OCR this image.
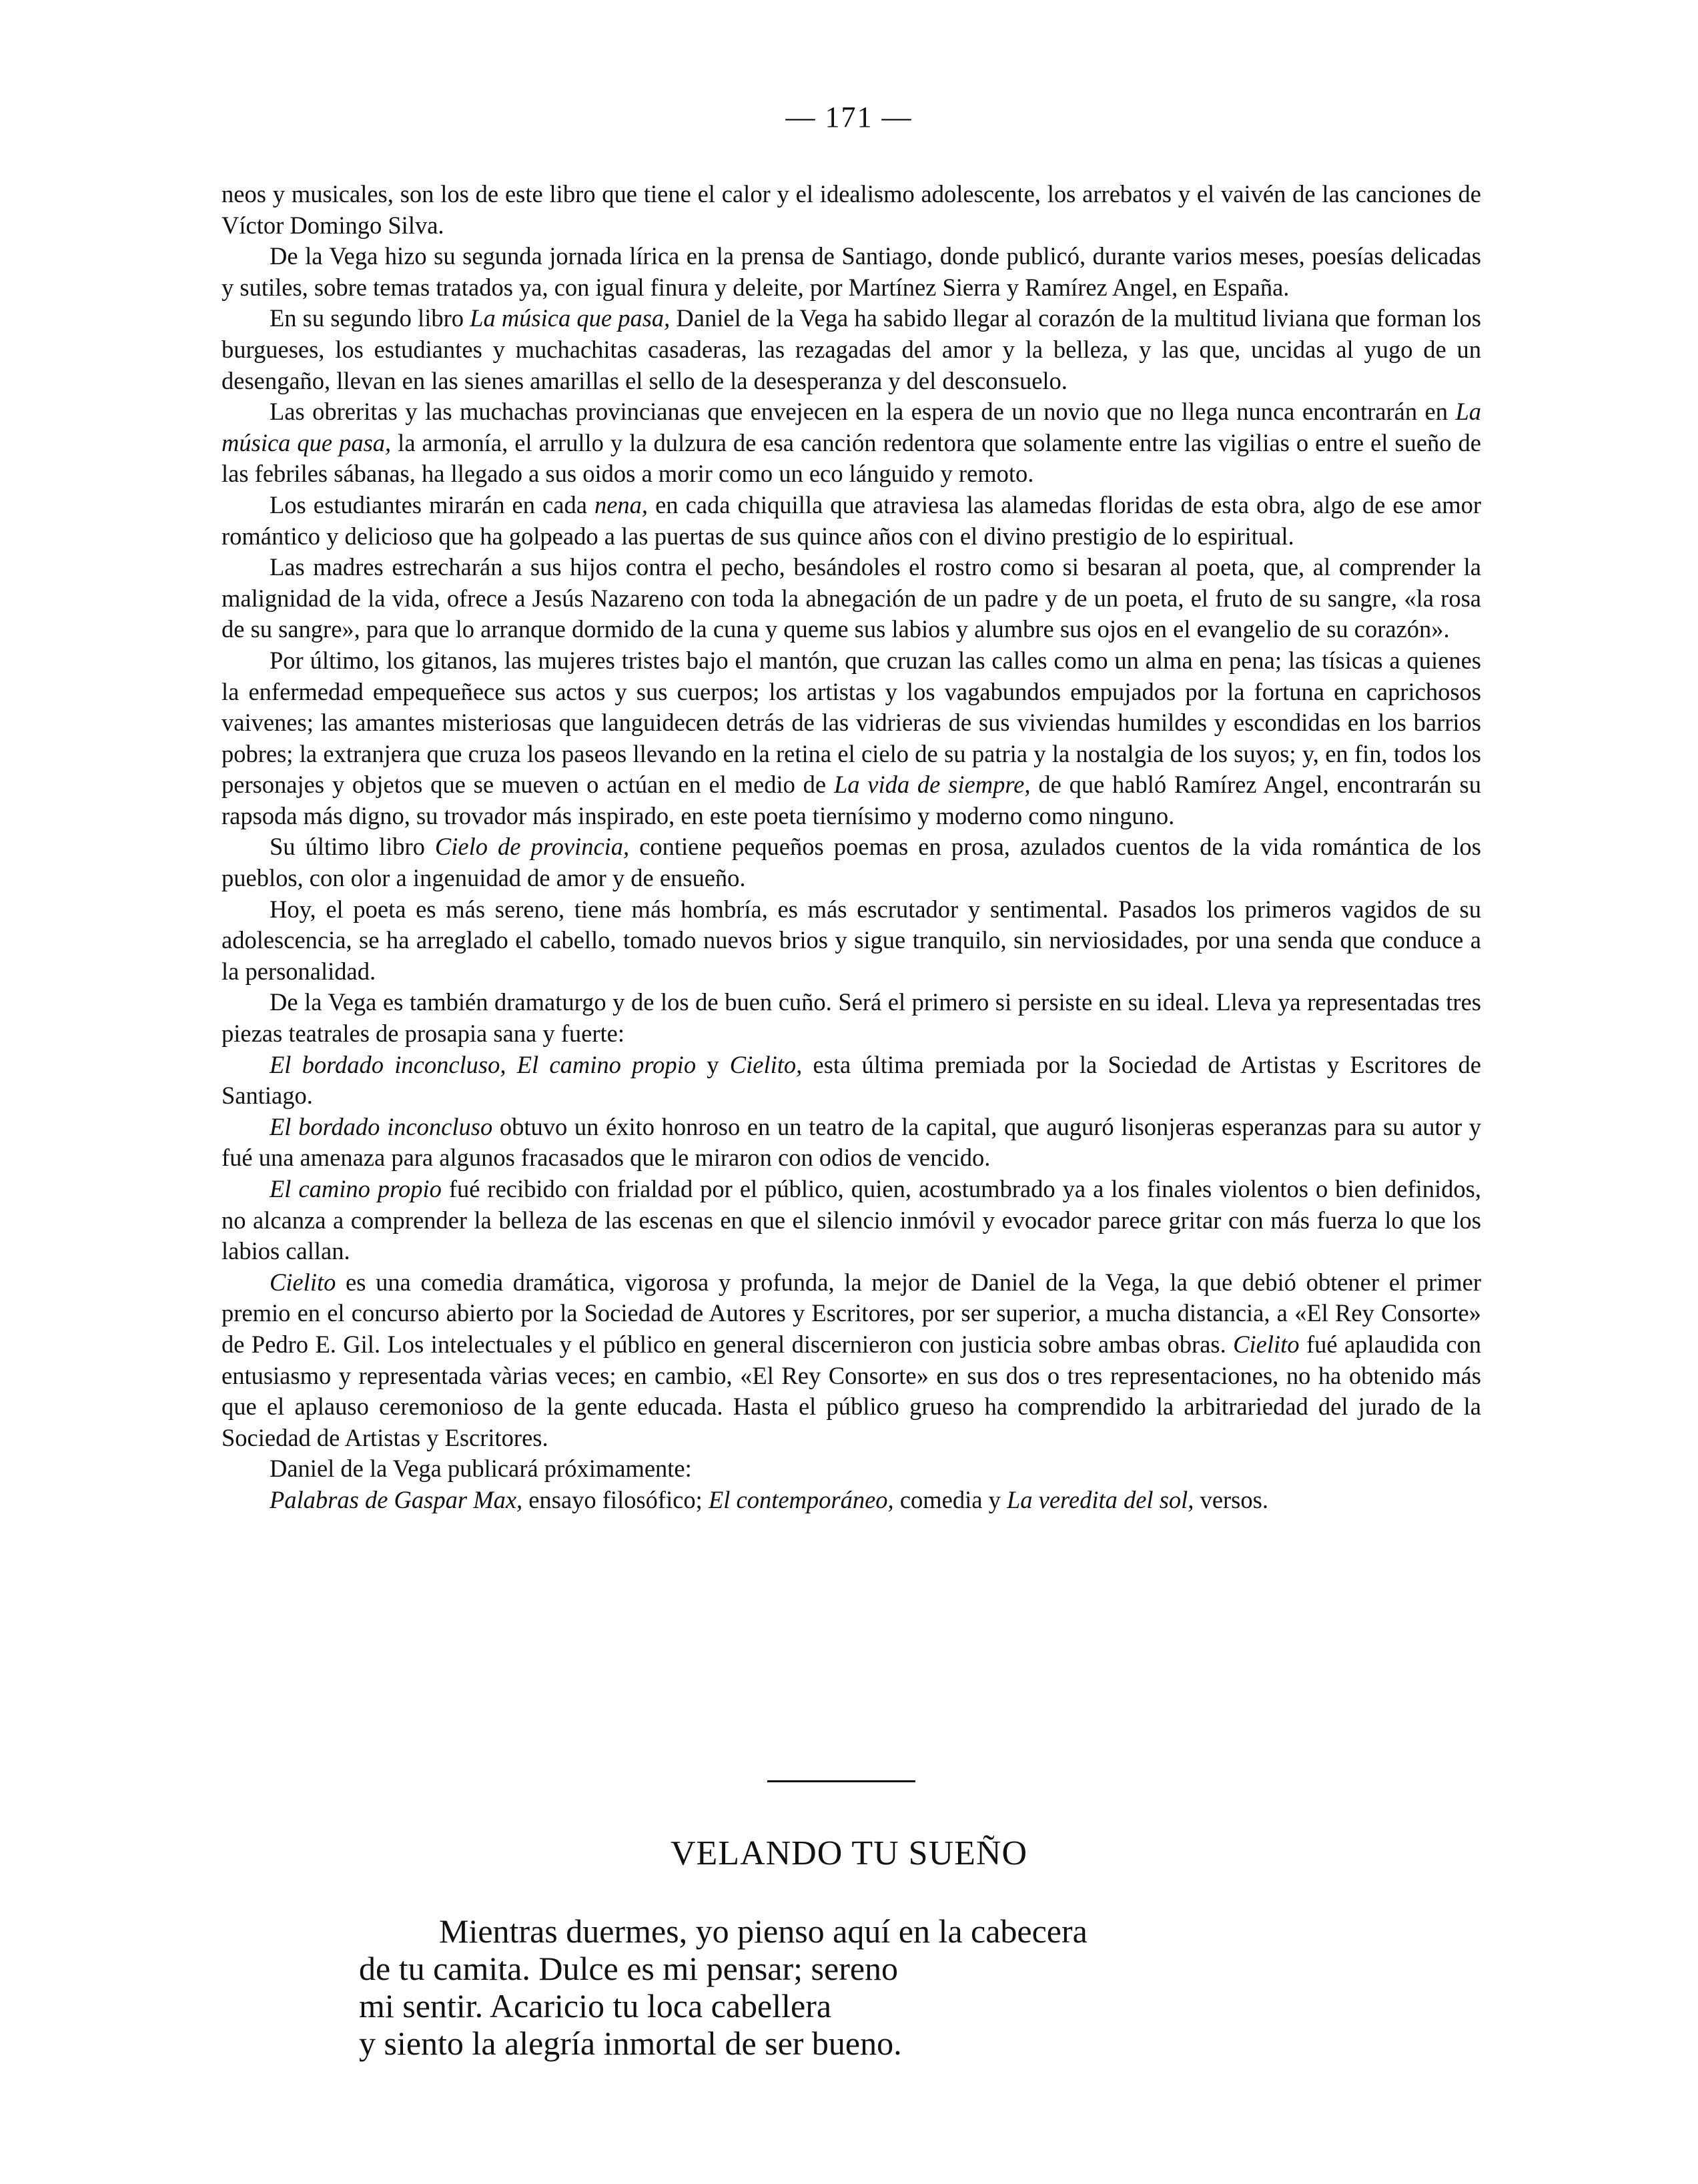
— 171 —

neos y musicales, son los de este libro que tiene el calor y el idealismo adolescente, los arrebatos y el vaivén de las canciones de Víctor Domingo Silva.

De la Vega hizo su segunda jornada lírica en la prensa de Santiago, donde publicó, durante varios meses, poesías delicadas y sutiles, sobre temas tratados ya, con igual finura y deleite, por Martínez Sierra y Ramírez Angel, en España.

En su segundo libro La música que pasa, Daniel de la Vega ha sabido llegar al corazón de la multitud liviana que forman los burgueses, los estudiantes y muchachitas casaderas, las rezagadas del amor y la belleza, y las que, uncidas al yugo de un desengaño, llevan en las sienes amarillas el sello de la desesperanza y del desconsuelo.

Las obreritas y las muchachas provincianas que envejecen en la espera de un novio que no llega nunca encontrarán en La música que pasa, la armonía, el arrullo y la dulzura de esa canción redentora que solamente entre las vigilias o entre el sueño de las febriles sábanas, ha llegado a sus oidos a morir como un eco lánguido y remoto.

Los estudiantes mirarán en cada nena, en cada chiquilla que atraviesa las alamedas floridas de esta obra, algo de ese amor romántico y delicioso que ha golpeado a las puertas de sus quince años con el divino prestigio de lo espiritual.

Las madres estrecharán a sus hijos contra el pecho, besándoles el rostro como si besaran al poeta, que, al comprender la malignidad de la vida, ofrece a Jesús Nazareno con toda la abnegación de un padre y de un poeta, el fruto de su sangre, «la rosa de su sangre», para que lo arranque dormido de la cuna y queme sus labios y alumbre sus ojos en el evangelio de su corazón».

Por último, los gitanos, las mujeres tristes bajo el mantón, que cruzan las calles como un alma en pena; las tísicas a quienes la enfermedad empequeñece sus actos y sus cuerpos; los artistas y los vagabundos empujados por la fortuna en caprichosos vaivenes; las amantes misteriosas que languidecen detrás de las vidrieras de sus viviendas humildes y escondidas en los barrios pobres; la extranjera que cruza los paseos llevando en la retina el cielo de su patria y la nostalgia de los suyos; y, en fin, todos los personajes y objetos que se mueven o actúan en el medio de La vida de siempre, de que habló Ramírez Angel, encontrarán su rapsoda más digno, su trovador más inspirado, en este poeta tiernísimo y moderno como ninguno.

Su último libro Cielo de provincia, contiene pequeños poemas en prosa, azulados cuentos de la vida romántica de los pueblos, con olor a ingenuidad de amor y de ensueño.

Hoy, el poeta es más sereno, tiene más hombría, es más escrutador y sentimental. Pasados los primeros vagidos de su adolescencia, se ha arreglado el cabello, tomado nuevos brios y sigue tranquilo, sin nerviosidades, por una senda que conduce a la personalidad.

De la Vega es también dramaturgo y de los de buen cuño. Será el primero si persiste en su ideal. Lleva ya representadas tres piezas teatrales de prosapia sana y fuerte:

El bordado inconcluso, El camino propio y Cielito, esta última premiada por la Sociedad de Artistas y Escritores de Santiago.

El bordado inconcluso obtuvo un éxito honroso en un teatro de la capital, que auguró lisonjeras esperanzas para su autor y fué una amenaza para algunos fracasados que le miraron con odios de vencido.

El camino propio fué recibido con frialdad por el público, quien, acostumbrado ya a los finales violentos o bien definidos, no alcanza a comprender la belleza de las escenas en que el silencio inmóvil y evocador parece gritar con más fuerza lo que los labios callan.

Cielito es una comedia dramática, vigorosa y profunda, la mejor de Daniel de la Vega, la que debió obtener el primer premio en el concurso abierto por la Sociedad de Autores y Escritores, por ser superior, a mucha distancia, a «El Rey Consorte» de Pedro E. Gil. Los intelectuales y el público en general discernieron con justicia sobre ambas obras. Cielito fué aplaudida con entusiasmo y representada vàrias veces; en cambio, «El Rey Consorte» en sus dos o tres representaciones, no ha obtenido más que el aplauso ceremonioso de la gente educada. Hasta el público grueso ha comprendido la arbitrariedad del jurado de la Sociedad de Artistas y Escritores.

Daniel de la Vega publicará próximamente:

Palabras de Gaspar Max, ensayo filosófico; El contemporáneo, comedia y La veredita del sol, versos.

VELANDO TU SUEÑO
Mientras duermes, yo pienso aquí en la cabecera
de tu camita. Dulce es mi pensar; sereno
mi sentir. Acaricio tu loca cabellera
y siento la alegría inmortal de ser bueno.
